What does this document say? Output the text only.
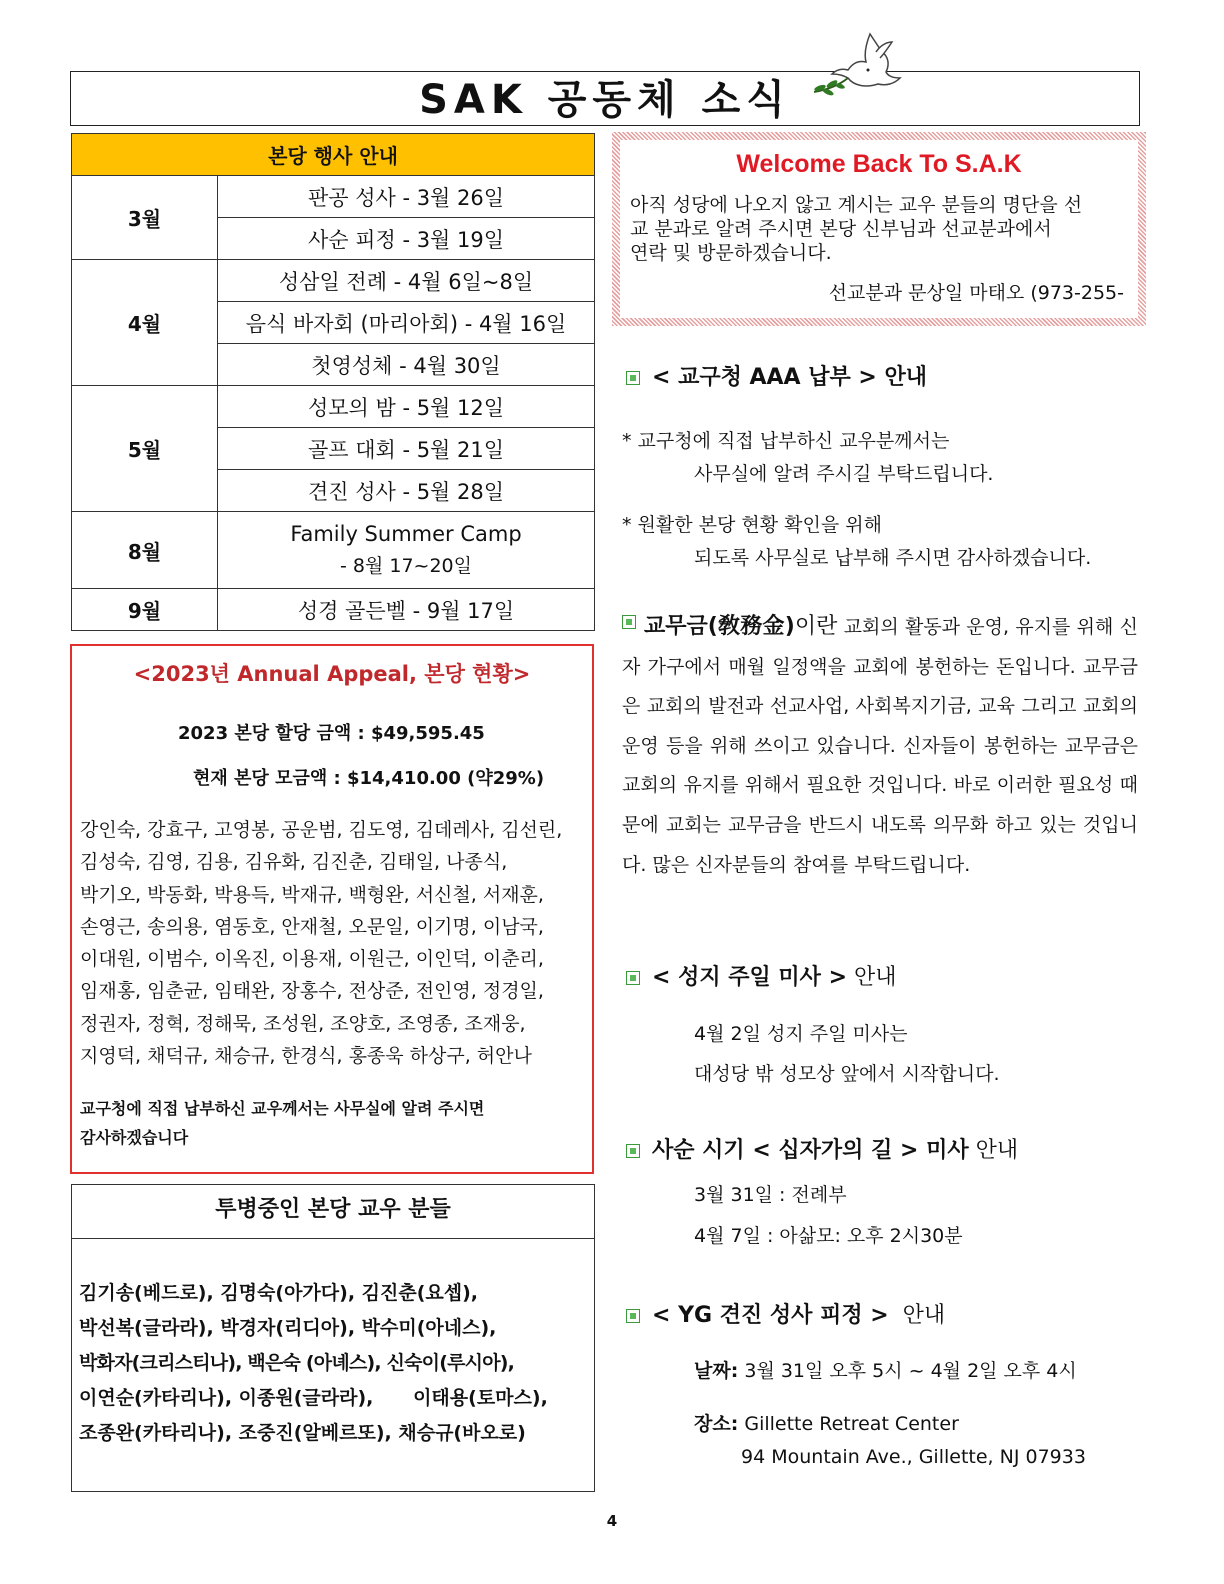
SAK 공동체 소식
본당 행사 안내	
3월	판공 성사 - 3월 26일
	사순 피정 - 3월 19일
4월	성삼일 전례 - 4월 6일~8일
	음식 바자회 (마리아회) - 4월 16일
	첫영성체 - 4월 30일
5월	성모의 밤 - 5월 12일
	골프 대회 - 5월 21일
	견진 성사 - 5월 28일
8월	Family Summer Camp
- 8월 17~20일

9월	성경 골든벨 - 9월 17일
<2023년 Annual Appeal, 본당 현황>
2023 본당 할당 금액 : $49,595.45
현재 본당 모금액 : $14,410.00 (약29%)
강인숙, 강효구, 고영봉, 공운범, 김도영, 김데레사, 김선린,
김성숙, 김영, 김용, 김유화, 김진춘, 김태일, 나종식,
박기오, 박동화, 박용득, 박재규, 백형완, 서신철, 서재훈,
손영근, 송의용, 염동호, 안재철, 오문일, 이기명, 이남국,
이대원, 이범수, 이옥진, 이용재, 이원근, 이인덕, 이춘리,
임재홍, 임춘균, 임태완, 장홍수, 전상준, 전인영, 정경일,
정권자, 정혁, 정해묵, 조성원, 조양호, 조영종, 조재웅,
지영덕, 채덕규, 채승규, 한경식, 홍종욱 하상구, 허안나
교구청에 직접 납부하신 교우께서는 사무실에 알려 주시면
감사하겠습니다
투병중인 본당 교우 분들
김기송(베드로), 김명숙(아가다), 김진춘(요셉),
박선복(글라라), 박경자(리디아), 박수미(아네스),
박화자(크리스티나), 백은숙 (아녜스), 신숙이(루시아),
이연순(카타리나), 이종원(글라라),      이태용(토마스),
조종완(카타리나), 조중진(알베르또), 채승규(바오로)
Welcome Back To S.A.K
아직 성당에 나오지 않고 계시는 교우 분들의 명단을 선
교 분과로 알려 주시면 본당 신부님과 선교분과에서
연락 및 방문하겠습니다.
선교분과 문상일 마태오 (973-255-
< 교구청 AAA 납부 > 안내
* 교구청에 직접 납부하신 교우분께서는
사무실에 알려 주시길 부탁드립니다.
* 원활한 본당 현황 확인을 위해
되도록 사무실로 납부해 주시면 감사하겠습니다.
교무금(敎務金)이란 교회의 활동과 운영, 유지를 위해 신자 가구에서 매월 일정액을 교회에 봉헌하는 돈입니다. 교무금은 교회의 발전과 선교사업, 사회복지기금, 교육 그리고 교회의 운영 등을 위해 쓰이고 있습니다. 신자들이 봉헌하는 교무금은 교회의 유지를 위해서 필요한 것입니다. 바로 이러한 필요성 때문에 교회는 교무금을 반드시 내도록 의무화 하고 있는 것입니다. 많은 신자분들의 참여를 부탁드립니다.
< 성지 주일 미사 > 안내
4월 2일 성지 주일 미사는
대성당 밖 성모상 앞에서 시작합니다.
사순 시기 < 십자가의 길 > 미사 안내
3월 31일 : 전례부
4월 7일 : 아삶모: 오후 2시30분
< YG 견진 성사 피정 >  안내
날짜: 3월 31일 오후 5시 ~ 4월 2일 오후 4시
장소: Gillette Retreat Center
94 Mountain Ave., Gillette, NJ 07933
4
